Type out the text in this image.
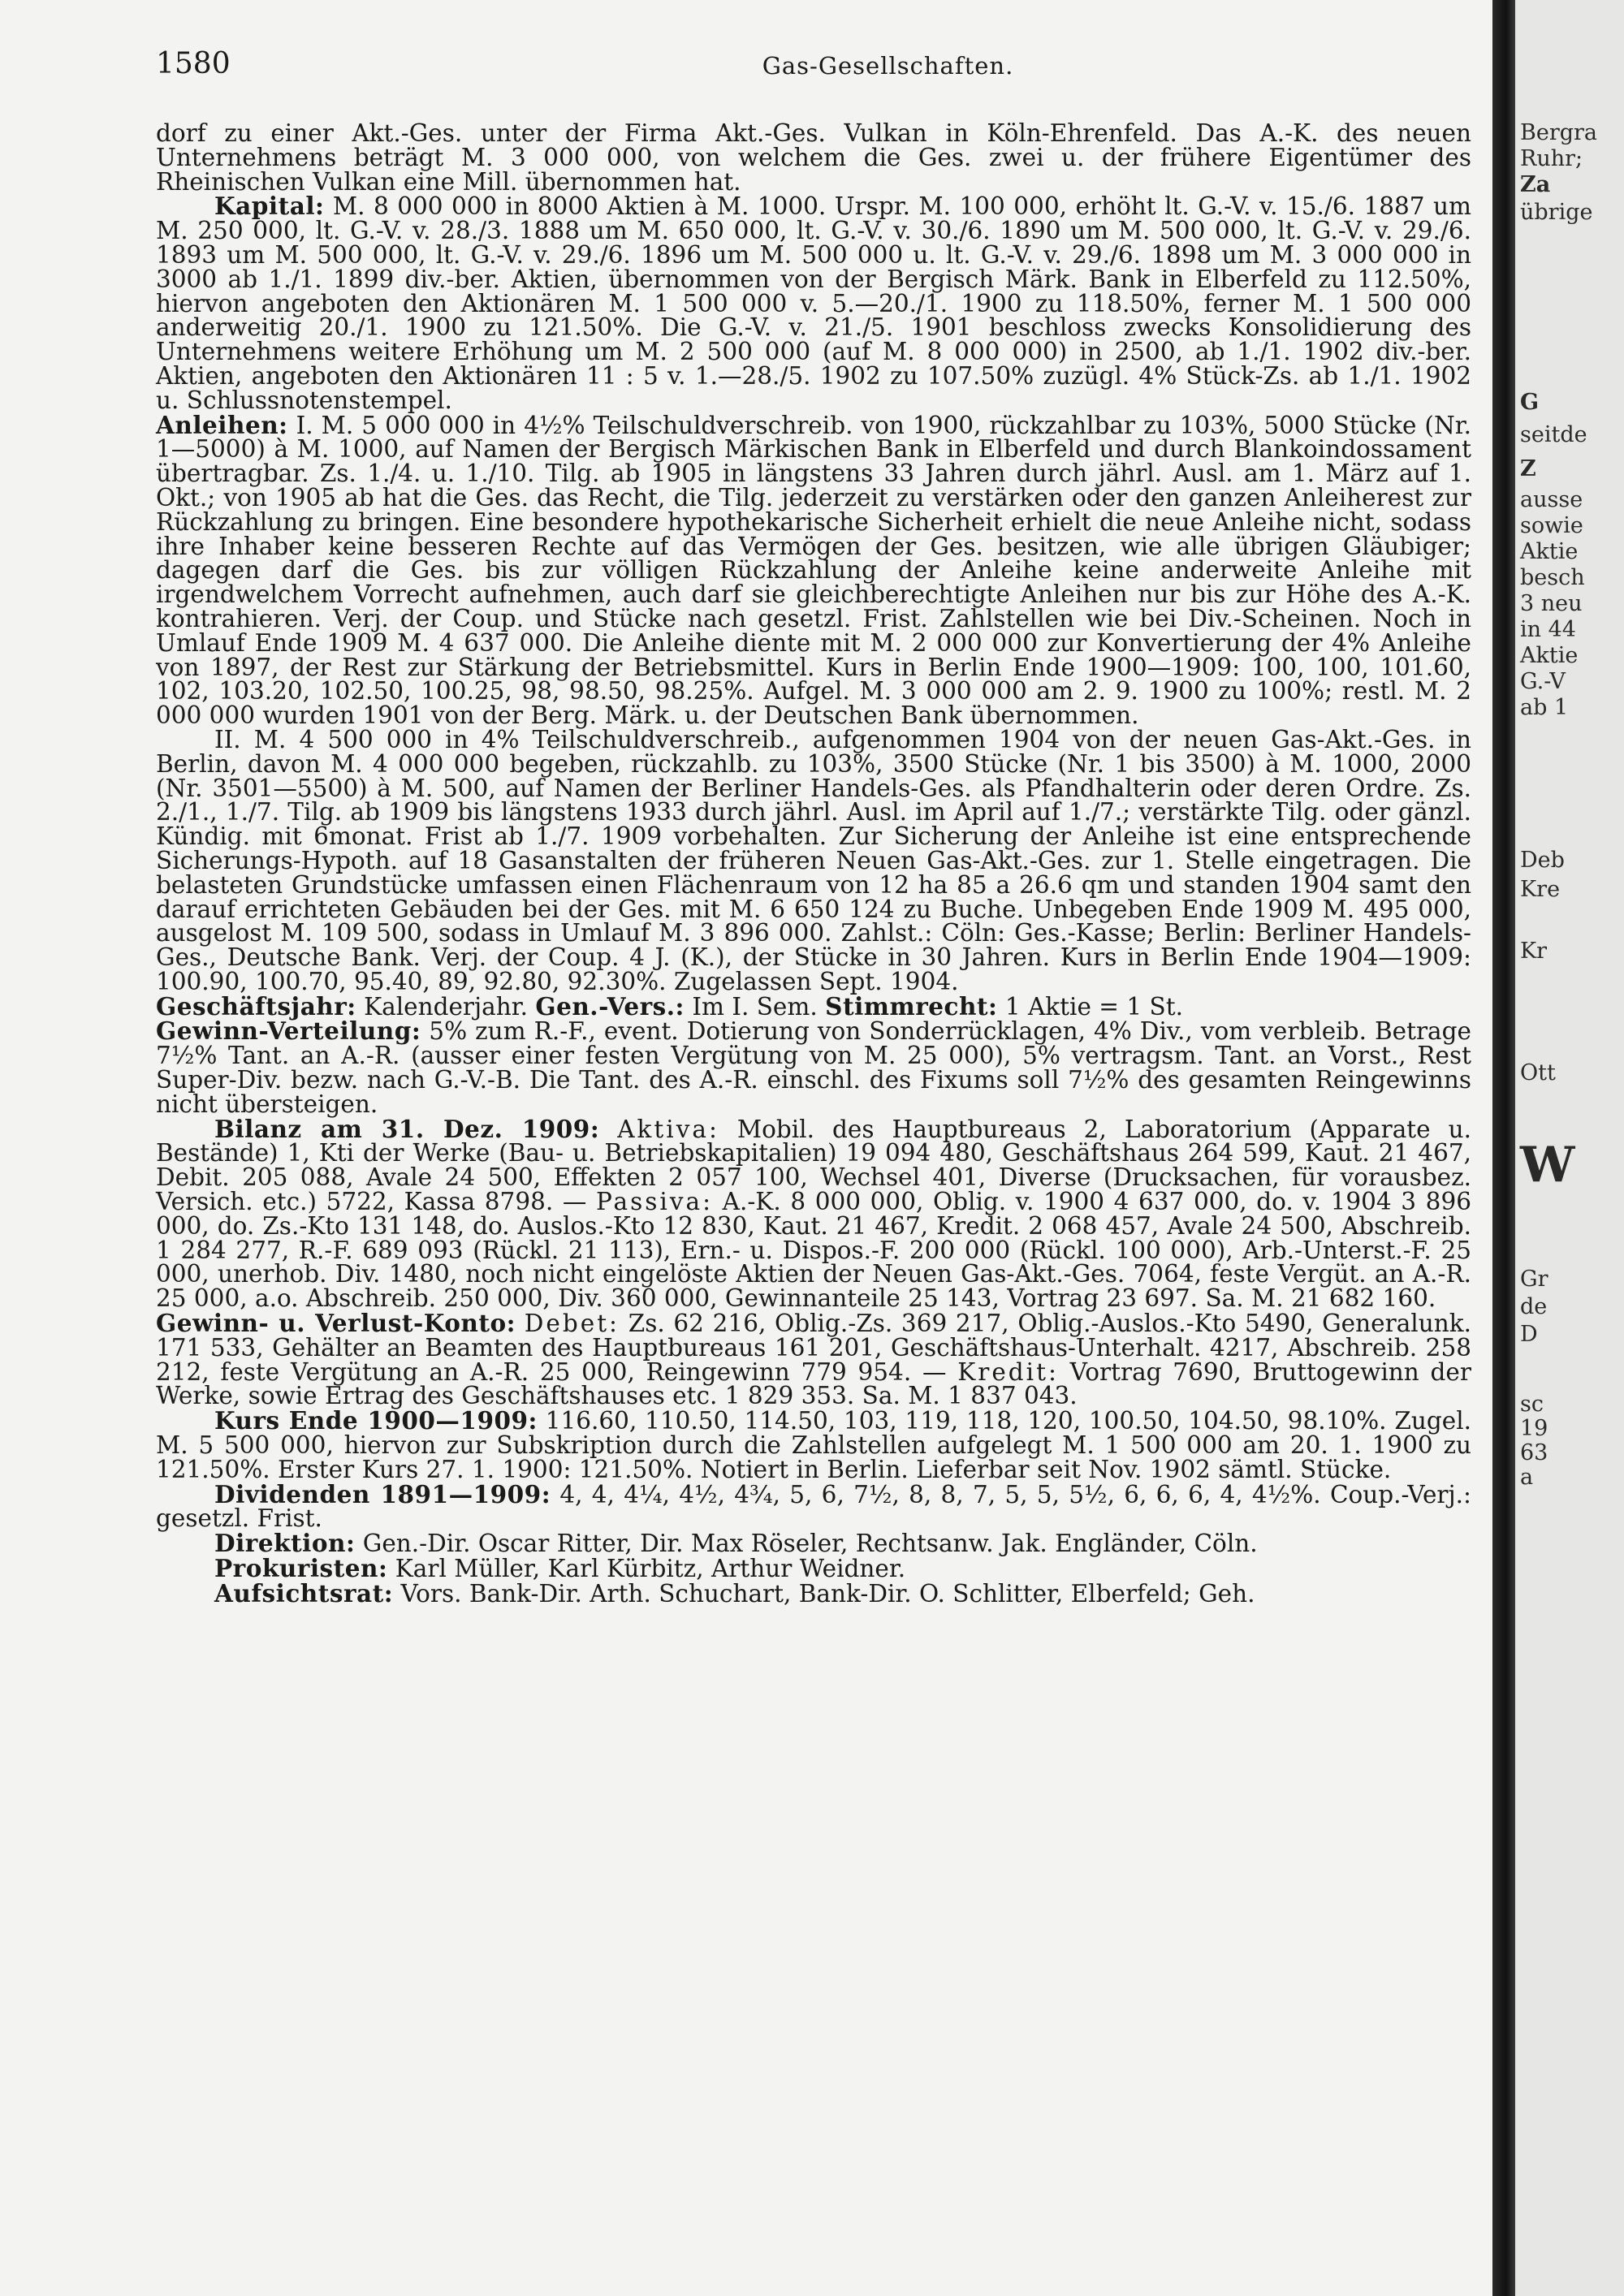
1580	Gas-Gesellschaften.

dorf zu einer Akt.-Ges. unter der Firma Akt.-Ges. Vulkan in Köln-Ehrenfeld. Das A.-K. des neuen Unternehmens beträgt M. 3 000 000, von welchem die Ges. zwei u. der frühere Eigentümer des Rheinischen Vulkan eine Mill. übernommen hat.

Kapital: M. 8 000 000 in 8000 Aktien à M. 1000. Urspr. M. 100 000, erhöht lt. G.-V. v. 15./6. 1887 um M. 250 000, lt. G.-V. v. 28./3. 1888 um M. 650 000, lt. G.-V. v. 30./6. 1890 um M. 500 000, lt. G.-V. v. 29./6. 1893 um M. 500 000, lt. G.-V. v. 29./6. 1896 um M. 500 000 u. lt. G.-V. v. 29./6. 1898 um M. 3 000 000 in 3000 ab 1./1. 1899 div.-ber. Aktien, übernommen von der Bergisch Märk. Bank in Elberfeld zu 112.50%, hiervon angeboten den Aktionären M. 1 500 000 v. 5.—20./1. 1900 zu 118.50%, ferner M. 1 500 000 anderweitig 20./1. 1900 zu 121.50%. Die G.-V. v. 21./5. 1901 beschloss zwecks Konsolidierung des Unternehmens weitere Erhöhung um M. 2 500 000 (auf M. 8 000 000) in 2500, ab 1./1. 1902 div.-ber. Aktien, angeboten den Aktionären 11 : 5 v. 1.—28./5. 1902 zu 107.50% zuzügl. 4% Stück-Zs. ab 1./1. 1902 u. Schlussnotenstempel.

Anleihen: I. M. 5 000 000 in 4½% Teilschuldverschreib. von 1900, rückzahlbar zu 103%, 5000 Stücke (Nr. 1—5000) à M. 1000, auf Namen der Bergisch Märkischen Bank in Elberfeld und durch Blankoindossament übertragbar. Zs. 1./4. u. 1./10. Tilg. ab 1905 in längstens 33 Jahren durch jährl. Ausl. am 1. März auf 1. Okt.; von 1905 ab hat die Ges. das Recht, die Tilg. jederzeit zu verstärken oder den ganzen Anleiherest zur Rückzahlung zu bringen. Eine besondere hypothekarische Sicherheit erhielt die neue Anleihe nicht, sodass ihre Inhaber keine besseren Rechte auf das Vermögen der Ges. besitzen, wie alle übrigen Gläubiger; dagegen darf die Ges. bis zur völligen Rückzahlung der Anleihe keine anderweite Anleihe mit irgendwelchem Vorrecht aufnehmen, auch darf sie gleichberechtigte Anleihen nur bis zur Höhe des A.-K. kontrahieren. Verj. der Coup. und Stücke nach gesetzl. Frist. Zahlstellen wie bei Div.-Scheinen. Noch in Umlauf Ende 1909 M. 4 637 000. Die Anleihe diente mit M. 2 000 000 zur Konvertierung der 4% Anleihe von 1897, der Rest zur Stärkung der Betriebsmittel. Kurs in Berlin Ende 1900—1909: 100, 100, 101.60, 102, 103.20, 102.50, 100.25, 98, 98.50, 98.25%. Aufgel. M. 3 000 000 am 2. 9. 1900 zu 100%; restl. M. 2 000 000 wurden 1901 von der Berg. Märk. u. der Deutschen Bank übernommen.

II. M. 4 500 000 in 4% Teilschuldverschreib., aufgenommen 1904 von der neuen Gas-Akt.-Ges. in Berlin, davon M. 4 000 000 begeben, rückzahlb. zu 103%, 3500 Stücke (Nr. 1 bis 3500) à M. 1000, 2000 (Nr. 3501—5500) à M. 500, auf Namen der Berliner Handels-Ges. als Pfandhalterin oder deren Ordre. Zs. 2./1., 1./7. Tilg. ab 1909 bis längstens 1933 durch jährl. Ausl. im April auf 1./7.; verstärkte Tilg. oder gänzl. Kündig. mit 6monat. Frist ab 1./7. 1909 vorbehalten. Zur Sicherung der Anleihe ist eine entsprechende Sicherungs-Hypoth. auf 18 Gasanstalten der früheren Neuen Gas-Akt.-Ges. zur 1. Stelle eingetragen. Die belasteten Grundstücke umfassen einen Flächenraum von 12 ha 85 a 26.6 qm und standen 1904 samt den darauf errichteten Gebäuden bei der Ges. mit M. 6 650 124 zu Buche. Unbegeben Ende 1909 M. 495 000, ausgelost M. 109 500, sodass in Umlauf M. 3 896 000. Zahlst.: Cöln: Ges.-Kasse; Berlin: Berliner Handels-Ges., Deutsche Bank. Verj. der Coup. 4 J. (K.), der Stücke in 30 Jahren. Kurs in Berlin Ende 1904—1909: 100.90, 100.70, 95.40, 89, 92.80, 92.30%. Zugelassen Sept. 1904.

Geschäftsjahr: Kalenderjahr. Gen.-Vers.: Im I. Sem. Stimmrecht: 1 Aktie = 1 St.

Gewinn-Verteilung: 5% zum R.-F., event. Dotierung von Sonderrücklagen, 4% Div., vom verbleib. Betrage 7½% Tant. an A.-R. (ausser einer festen Vergütung von M. 25 000), 5% vertragsm. Tant. an Vorst., Rest Super-Div. bezw. nach G.-V.-B. Die Tant. des A.-R. einschl. des Fixums soll 7½% des gesamten Reingewinns nicht übersteigen.

Bilanz am 31. Dez. 1909: Aktiva: Mobil. des Hauptbureaus 2, Laboratorium (Apparate u. Bestände) 1, Kti der Werke (Bau- u. Betriebskapitalien) 19 094 480, Geschäftshaus 264 599, Kaut. 21 467, Debit. 205 088, Avale 24 500, Effekten 2 057 100, Wechsel 401, Diverse (Drucksachen, für vorausbez. Versich. etc.) 5722, Kassa 8798. — Passiva: A.-K. 8 000 000, Oblig. v. 1900 4 637 000, do. v. 1904 3 896 000, do. Zs.-Kto 131 148, do. Auslos.-Kto 12 830, Kaut. 21 467, Kredit. 2 068 457, Avale 24 500, Abschreib. 1 284 277, R.-F. 689 093 (Rückl. 21 113), Ern.- u. Dispos.-F. 200 000 (Rückl. 100 000), Arb.-Unterst.-F. 25 000, unerhob. Div. 1480, noch nicht eingelöste Aktien der Neuen Gas-Akt.-Ges. 7064, feste Vergüt. an A.-R. 25 000, a.o. Abschreib. 250 000, Div. 360 000, Gewinnanteile 25 143, Vortrag 23 697. Sa. M. 21 682 160.

Gewinn- u. Verlust-Konto: Debet: Zs. 62 216, Oblig.-Zs. 369 217, Oblig.-Auslos.-Kto 5490, Generalunk. 171 533, Gehälter an Beamten des Hauptbureaus 161 201, Geschäftshaus-Unterhalt. 4217, Abschreib. 258 212, feste Vergütung an A.-R. 25 000, Reingewinn 779 954. — Kredit: Vortrag 7690, Bruttogewinn der Werke, sowie Ertrag des Geschäftshauses etc. 1 829 353. Sa. M. 1 837 043.

Kurs Ende 1900—1909: 116.60, 110.50, 114.50, 103, 119, 118, 120, 100.50, 104.50, 98.10%. Zugel. M. 5 500 000, hiervon zur Subskription durch die Zahlstellen aufgelegt M. 1 500 000 am 20. 1. 1900 zu 121.50%. Erster Kurs 27. 1. 1900: 121.50%. Notiert in Berlin. Lieferbar seit Nov. 1902 sämtl. Stücke.

Dividenden 1891—1909: 4, 4, 4¼, 4½, 4¾, 5, 6, 7½, 8, 8, 7, 5, 5, 5½, 6, 6, 6, 4, 4½%. Coup.-Verj.: gesetzl. Frist.

Direktion: Gen.-Dir. Oscar Ritter, Dir. Max Röseler, Rechtsanw. Jak. Engländer, Cöln.

Prokuristen: Karl Müller, Karl Kürbitz, Arthur Weidner.

Aufsichtsrat: Vors. Bank-Dir. Arth. Schuchart, Bank-Dir. O. Schlitter, Elberfeld; Geh.

Bergra
Ruhr;
Za
übrige
G
seitde
Z
ausse
sowie
Aktie
besch
3 neu
in 44
Aktie
G.-V
ab 1
Deb
Kre
Kr
Ott
W
Gr
de
D
sc
19
63
a
